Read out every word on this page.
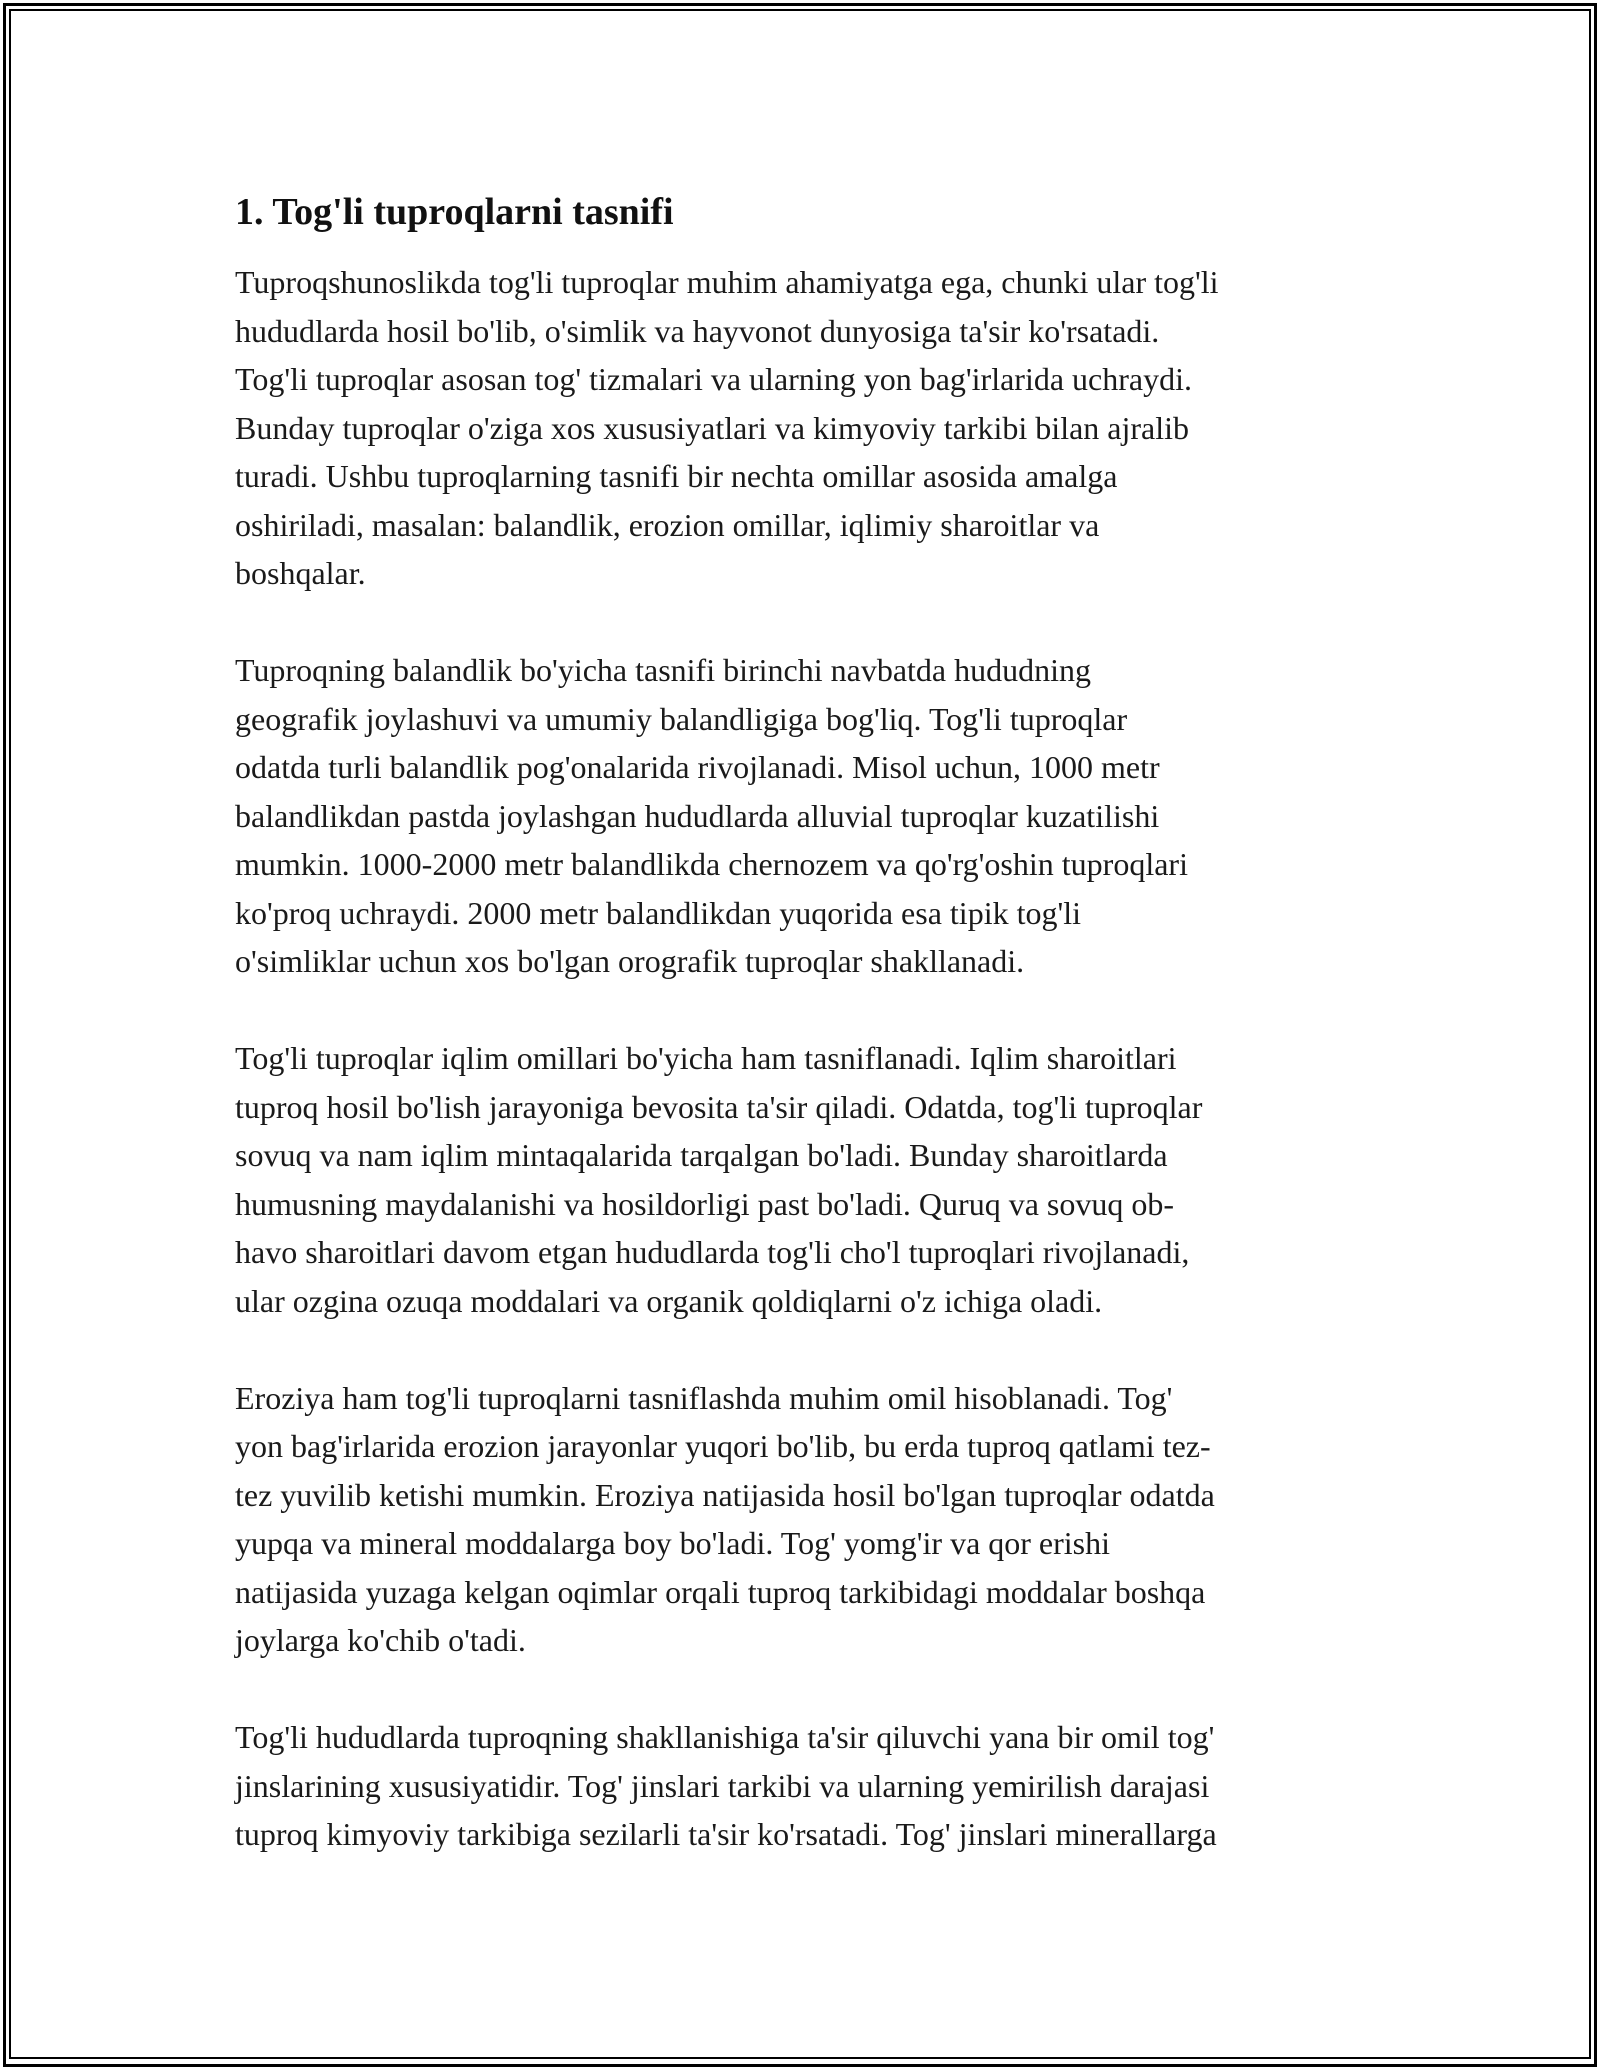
1. Tog'li tuproqlarni tasnifi

Tuproqshunoslikda tog'li tuproqlar muhim ahamiyatga ega, chunki ular tog'li
hududlarda hosil bo'lib, o'simlik va hayvonot dunyosiga ta'sir ko'rsatadi.
Tog'li tuproqlar asosan tog' tizmalari va ularning yon bag'irlarida uchraydi.
Bunday tuproqlar o'ziga xos xususiyatlari va kimyoviy tarkibi bilan ajralib
turadi. Ushbu tuproqlarning tasnifi bir nechta omillar asosida amalga
oshiriladi, masalan: balandlik, erozion omillar, iqlimiy sharoitlar va
boshqalar.

Tuproqning balandlik bo'yicha tasnifi birinchi navbatda hududning
geografik joylashuvi va umumiy balandligiga bog'liq. Tog'li tuproqlar
odatda turli balandlik pog'onalarida rivojlanadi. Misol uchun, 1000 metr
balandlikdan pastda joylashgan hududlarda alluvial tuproqlar kuzatilishi
mumkin. 1000-2000 metr balandlikda chernozem va qo'rg'oshin tuproqlari
ko'proq uchraydi. 2000 metr balandlikdan yuqorida esa tipik tog'li
o'simliklar uchun xos bo'lgan orografik tuproqlar shakllanadi.

Tog'li tuproqlar iqlim omillari bo'yicha ham tasniflanadi. Iqlim sharoitlari
tuproq hosil bo'lish jarayoniga bevosita ta'sir qiladi. Odatda, tog'li tuproqlar
sovuq va nam iqlim mintaqalarida tarqalgan bo'ladi. Bunday sharoitlarda
humusning maydalanishi va hosildorligi past bo'ladi. Quruq va sovuq ob-
havo sharoitlari davom etgan hududlarda tog'li cho'l tuproqlari rivojlanadi,
ular ozgina ozuqa moddalari va organik qoldiqlarni o'z ichiga oladi.

Eroziya ham tog'li tuproqlarni tasniflashda muhim omil hisoblanadi. Tog'
yon bag'irlarida erozion jarayonlar yuqori bo'lib, bu erda tuproq qatlami tez-
tez yuvilib ketishi mumkin. Eroziya natijasida hosil bo'lgan tuproqlar odatda
yupqa va mineral moddalarga boy bo'ladi. Tog' yomg'ir va qor erishi
natijasida yuzaga kelgan oqimlar orqali tuproq tarkibidagi moddalar boshqa
joylarga ko'chib o'tadi.

Tog'li hududlarda tuproqning shakllanishiga ta'sir qiluvchi yana bir omil tog'
jinslarining xususiyatidir. Tog' jinslari tarkibi va ularning yemirilish darajasi
tuproq kimyoviy tarkibiga sezilarli ta'sir ko'rsatadi. Tog' jinslari minerallarga
